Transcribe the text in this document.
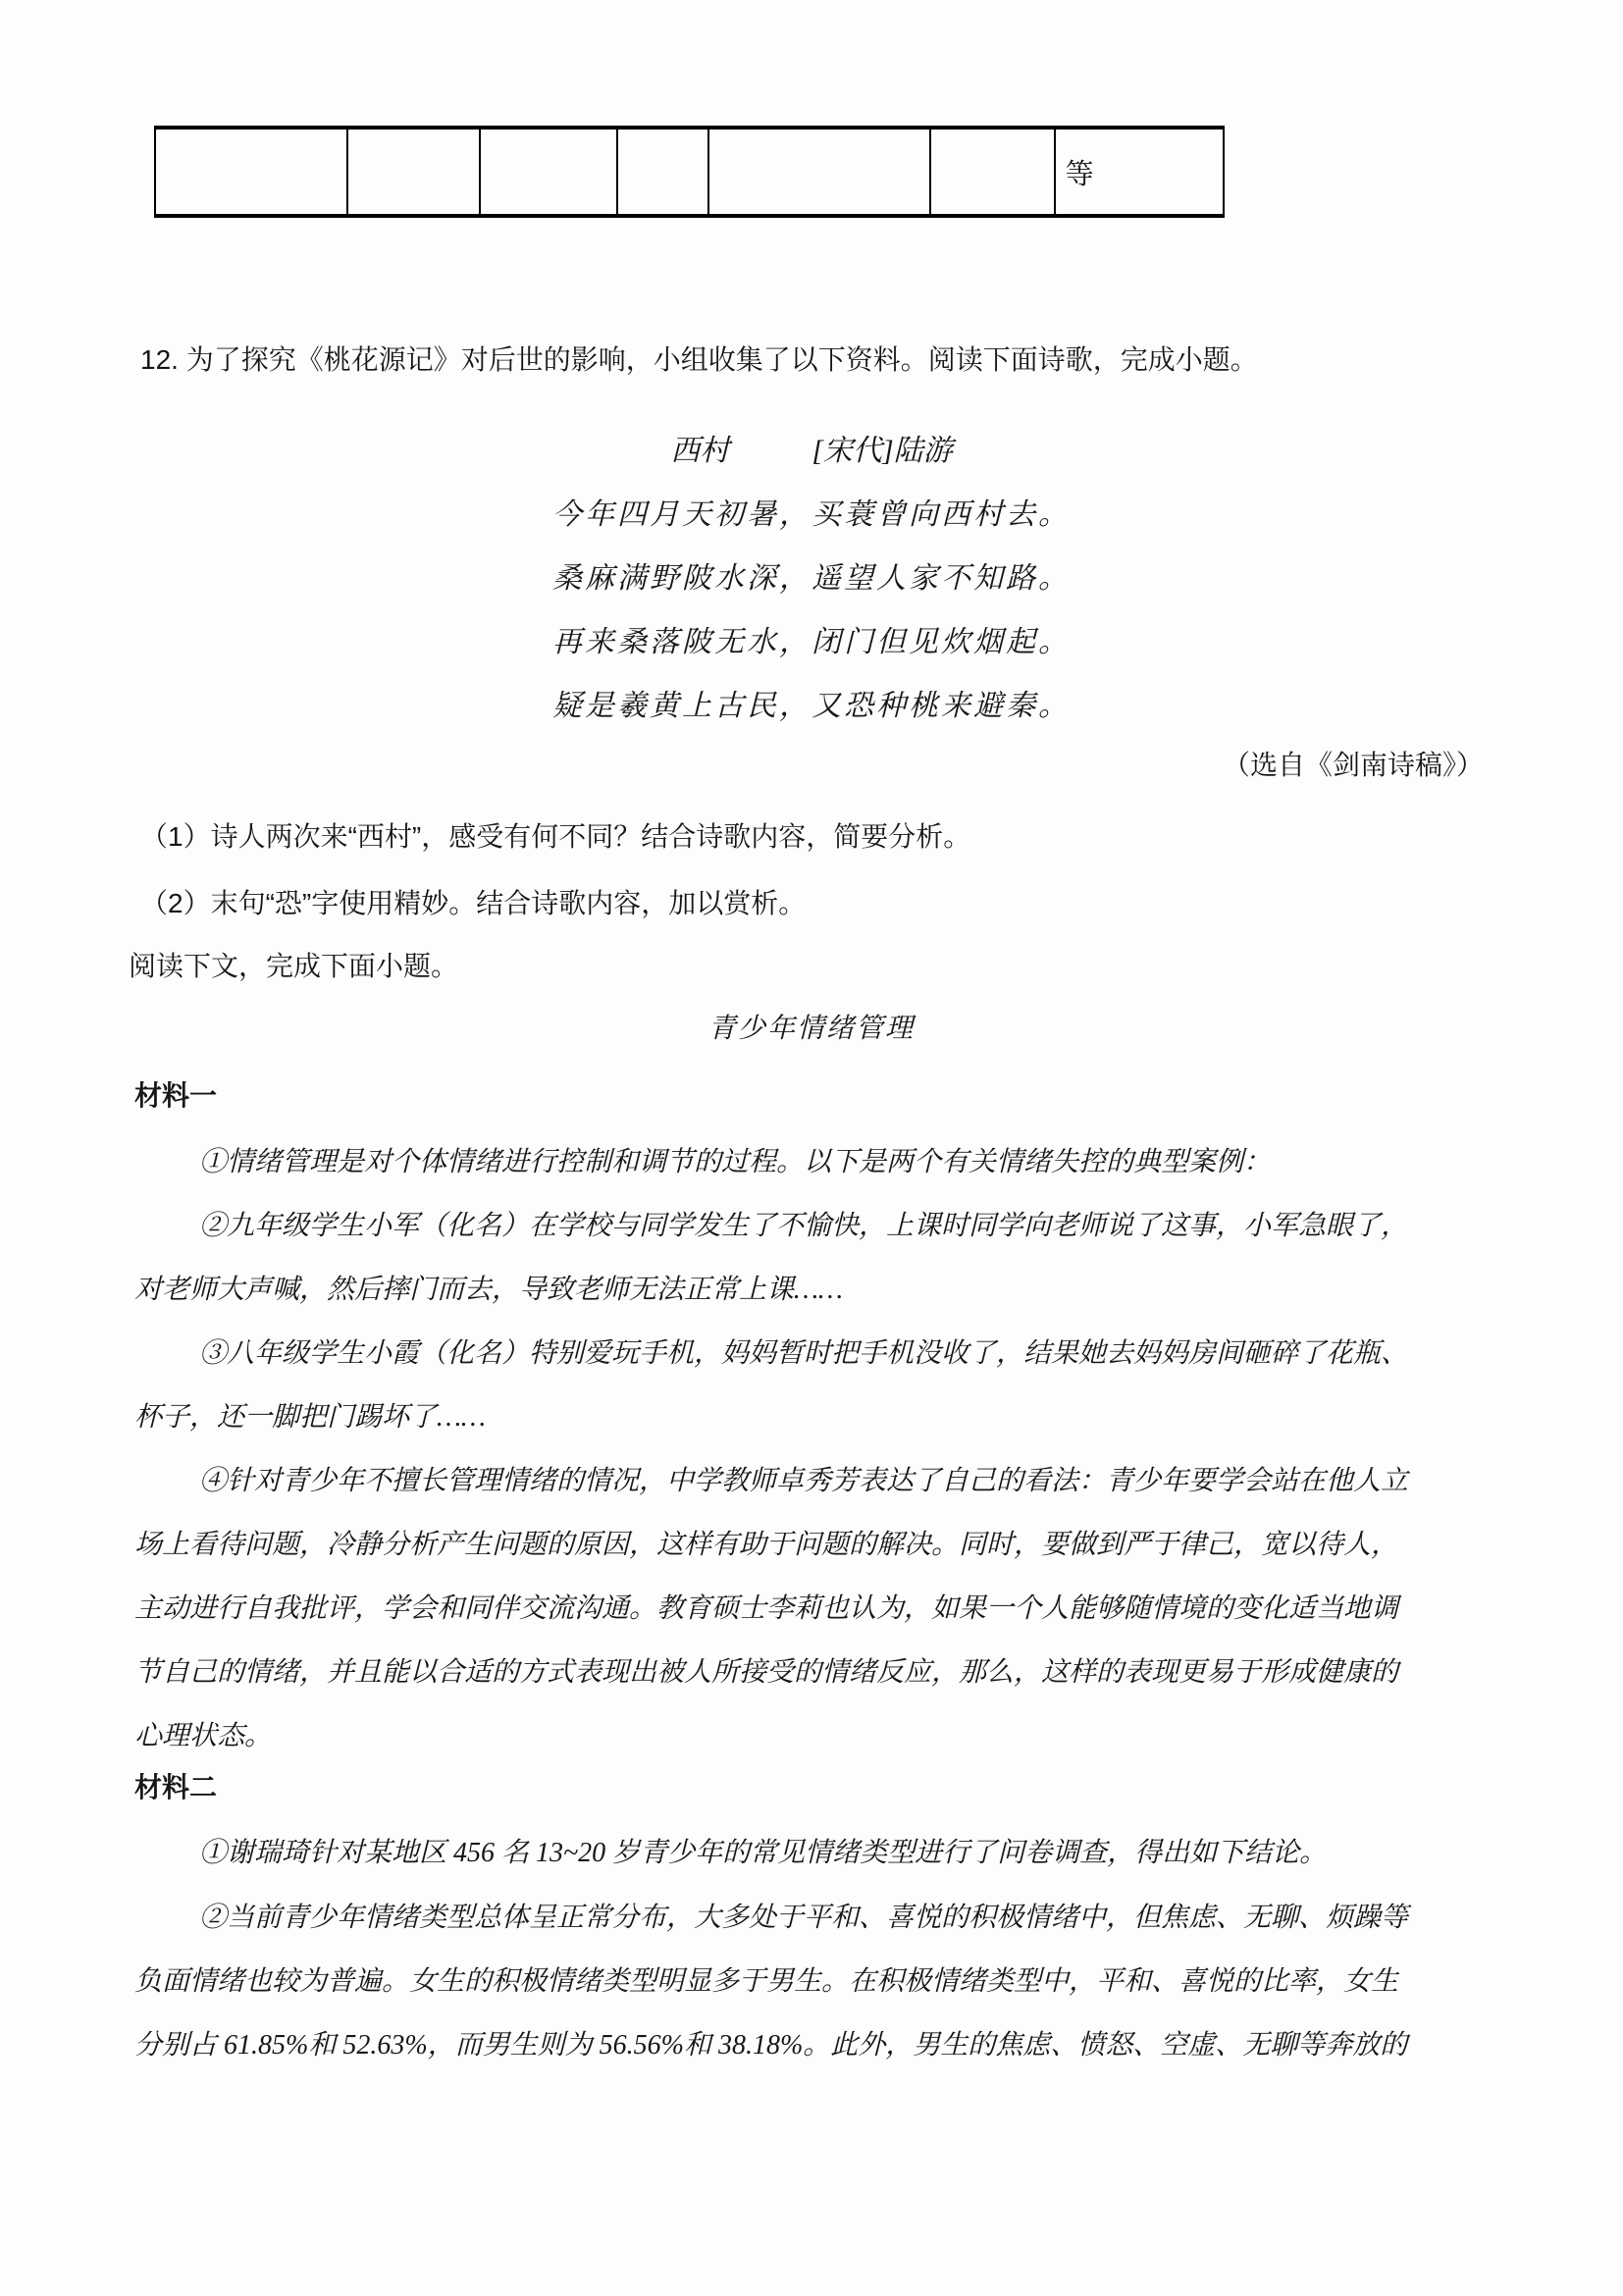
等
12. 为了探究《桃花源记》对后世的影响，小组收集了以下资料。阅读下面诗歌，完成小题。
西村	[宋代]陆游
今年四月天初暑，买蓑曾向西村去。
桑麻满野陂水深，遥望人家不知路。
再来桑落陂无水，闭门但见炊烟起。
疑是羲黄上古民，又恐种桃来避秦。
（选自《剑南诗稿》）
（1）诗人两次来“西村”，感受有何不同？结合诗歌内容，简要分析。
（2）末句“恐”字使用精妙。结合诗歌内容，加以赏析。
阅读下文，完成下面小题。
青少年情绪管理
材料一
①情绪管理是对个体情绪进行控制和调节的过程。以下是两个有关情绪失控的典型案例：
②九年级学生小军（化名）在学校与同学发生了不愉快，上课时同学向老师说了这事，小军急眼了，
对老师大声喊，然后摔门而去，导致老师无法正常上课……
③八年级学生小霞（化名）特别爱玩手机，妈妈暂时把手机没收了，结果她去妈妈房间砸碎了花瓶、
杯子，还一脚把门踢坏了……
④针对青少年不擅长管理情绪的情况，中学教师卓秀芳表达了自己的看法：青少年要学会站在他人立
场上看待问题，冷静分析产生问题的原因，这样有助于问题的解决。同时，要做到严于律己，宽以待人，
主动进行自我批评，学会和同伴交流沟通。教育硕士李莉也认为，如果一个人能够随情境的变化适当地调
节自己的情绪，并且能以合适的方式表现出被人所接受的情绪反应，那么，这样的表现更易于形成健康的
心理状态。
材料二
①谢瑞琦针对某地区 456 名 13~20 岁青少年的常见情绪类型进行了问卷调查，得出如下结论。
②当前青少年情绪类型总体呈正常分布，大多处于平和、喜悦的积极情绪中，但焦虑、无聊、烦躁等
负面情绪也较为普遍。女生的积极情绪类型明显多于男生。在积极情绪类型中，平和、喜悦的比率，女生
分别占 61.85%和 52.63%，而男生则为 56.56%和 38.18%。此外，男生的焦虑、愤怒、空虚、无聊等奔放的
